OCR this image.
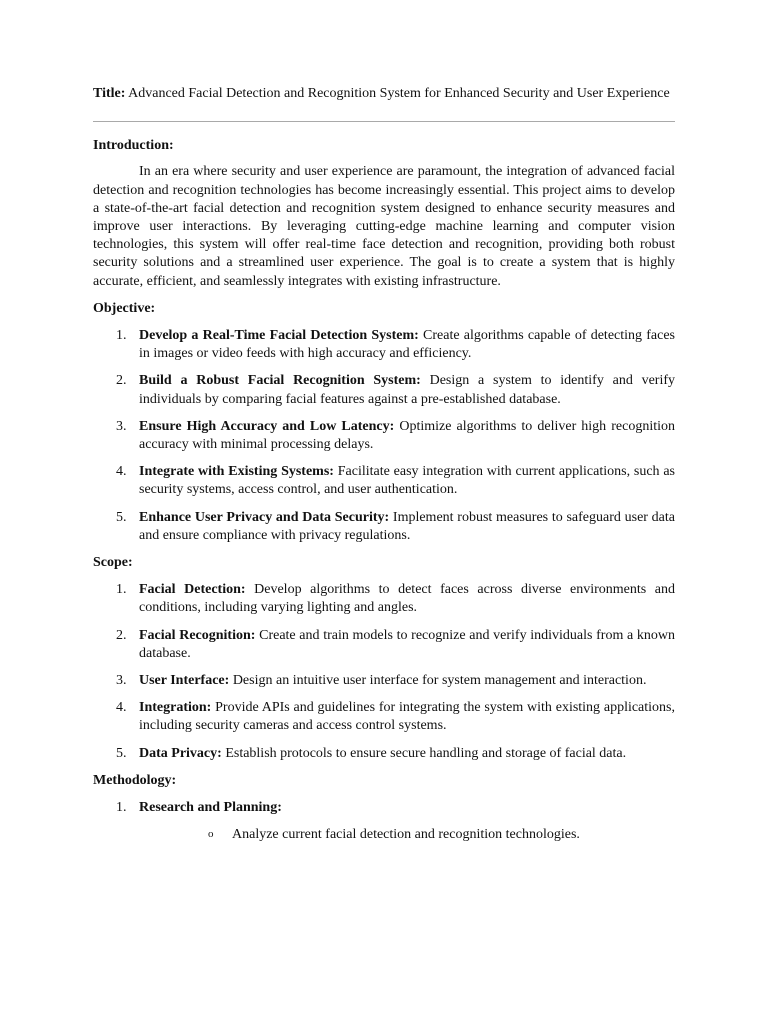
Title: Advanced Facial Detection and Recognition System for Enhanced Security and User Experience

Introduction:

In an era where security and user experience are paramount, the integration of advanced facial detection and recognition technologies has become increasingly essential. This project aims to develop a state-of-the-art facial detection and recognition system designed to enhance security measures and improve user interactions. By leveraging cutting-edge machine learning and computer vision technologies, this system will offer real-time face detection and recognition, providing both robust security solutions and a streamlined user experience. The goal is to create a system that is highly accurate, efficient, and seamlessly integrates with existing infrastructure.

Objective:

1. Develop a Real-Time Facial Detection System: Create algorithms capable of detecting faces in images or video feeds with high accuracy and efficiency.
2. Build a Robust Facial Recognition System: Design a system to identify and verify individuals by comparing facial features against a pre-established database.
3. Ensure High Accuracy and Low Latency: Optimize algorithms to deliver high recognition accuracy with minimal processing delays.
4. Integrate with Existing Systems: Facilitate easy integration with current applications, such as security systems, access control, and user authentication.
5. Enhance User Privacy and Data Security: Implement robust measures to safeguard user data and ensure compliance with privacy regulations.

Scope:

1. Facial Detection: Develop algorithms to detect faces across diverse environments and conditions, including varying lighting and angles.
2. Facial Recognition: Create and train models to recognize and verify individuals from a known database.
3. User Interface: Design an intuitive user interface for system management and interaction.
4. Integration: Provide APIs and guidelines for integrating the system with existing applications, including security cameras and access control systems.
5. Data Privacy: Establish protocols to ensure secure handling and storage of facial data.

Methodology:

1. Research and Planning:
o Analyze current facial detection and recognition technologies.
